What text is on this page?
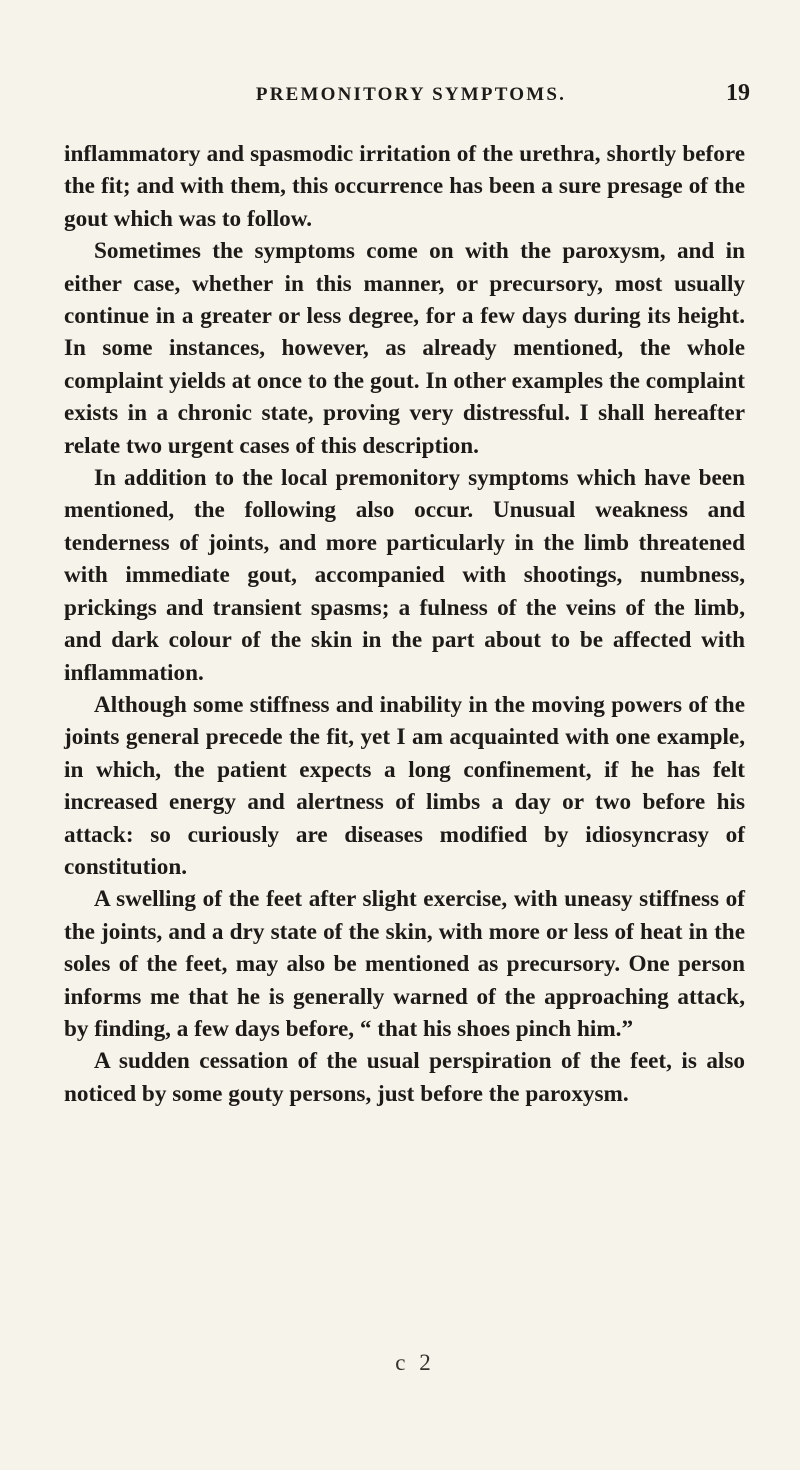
PREMONITORY SYMPTOMS.	19

inflammatory and spasmodic irritation of the urethra, shortly before the fit; and with them, this occurrence has been a sure presage of the gout which was to follow.

Sometimes the symptoms come on with the paroxysm, and in either case, whether in this manner, or precursory, most usually continue in a greater or less degree, for a few days during its height. In some instances, however, as already mentioned, the whole complaint yields at once to the gout. In other examples the complaint exists in a chronic state, proving very distressful. I shall hereafter relate two urgent cases of this description.

In addition to the local premonitory symptoms which have been mentioned, the following also occur. Unusual weakness and tenderness of joints, and more particularly in the limb threatened with immediate gout, accompanied with shootings, numbness, prickings and transient spasms; a fulness of the veins of the limb, and dark colour of the skin in the part about to be affected with inflammation.

Although some stiffness and inability in the moving powers of the joints general precede the fit, yet I am acquainted with one example, in which, the patient expects a long confinement, if he has felt increased energy and alertness of limbs a day or two before his attack: so curiously are diseases modified by idiosyncrasy of constitution.

A swelling of the feet after slight exercise, with uneasy stiffness of the joints, and a dry state of the skin, with more or less of heat in the soles of the feet, may also be mentioned as precursory. One person informs me that he is generally warned of the approaching attack, by finding, a few days before, “ that his shoes pinch him.”

A sudden cessation of the usual perspiration of the feet, is also noticed by some gouty persons, just before the paroxysm.

c 2
